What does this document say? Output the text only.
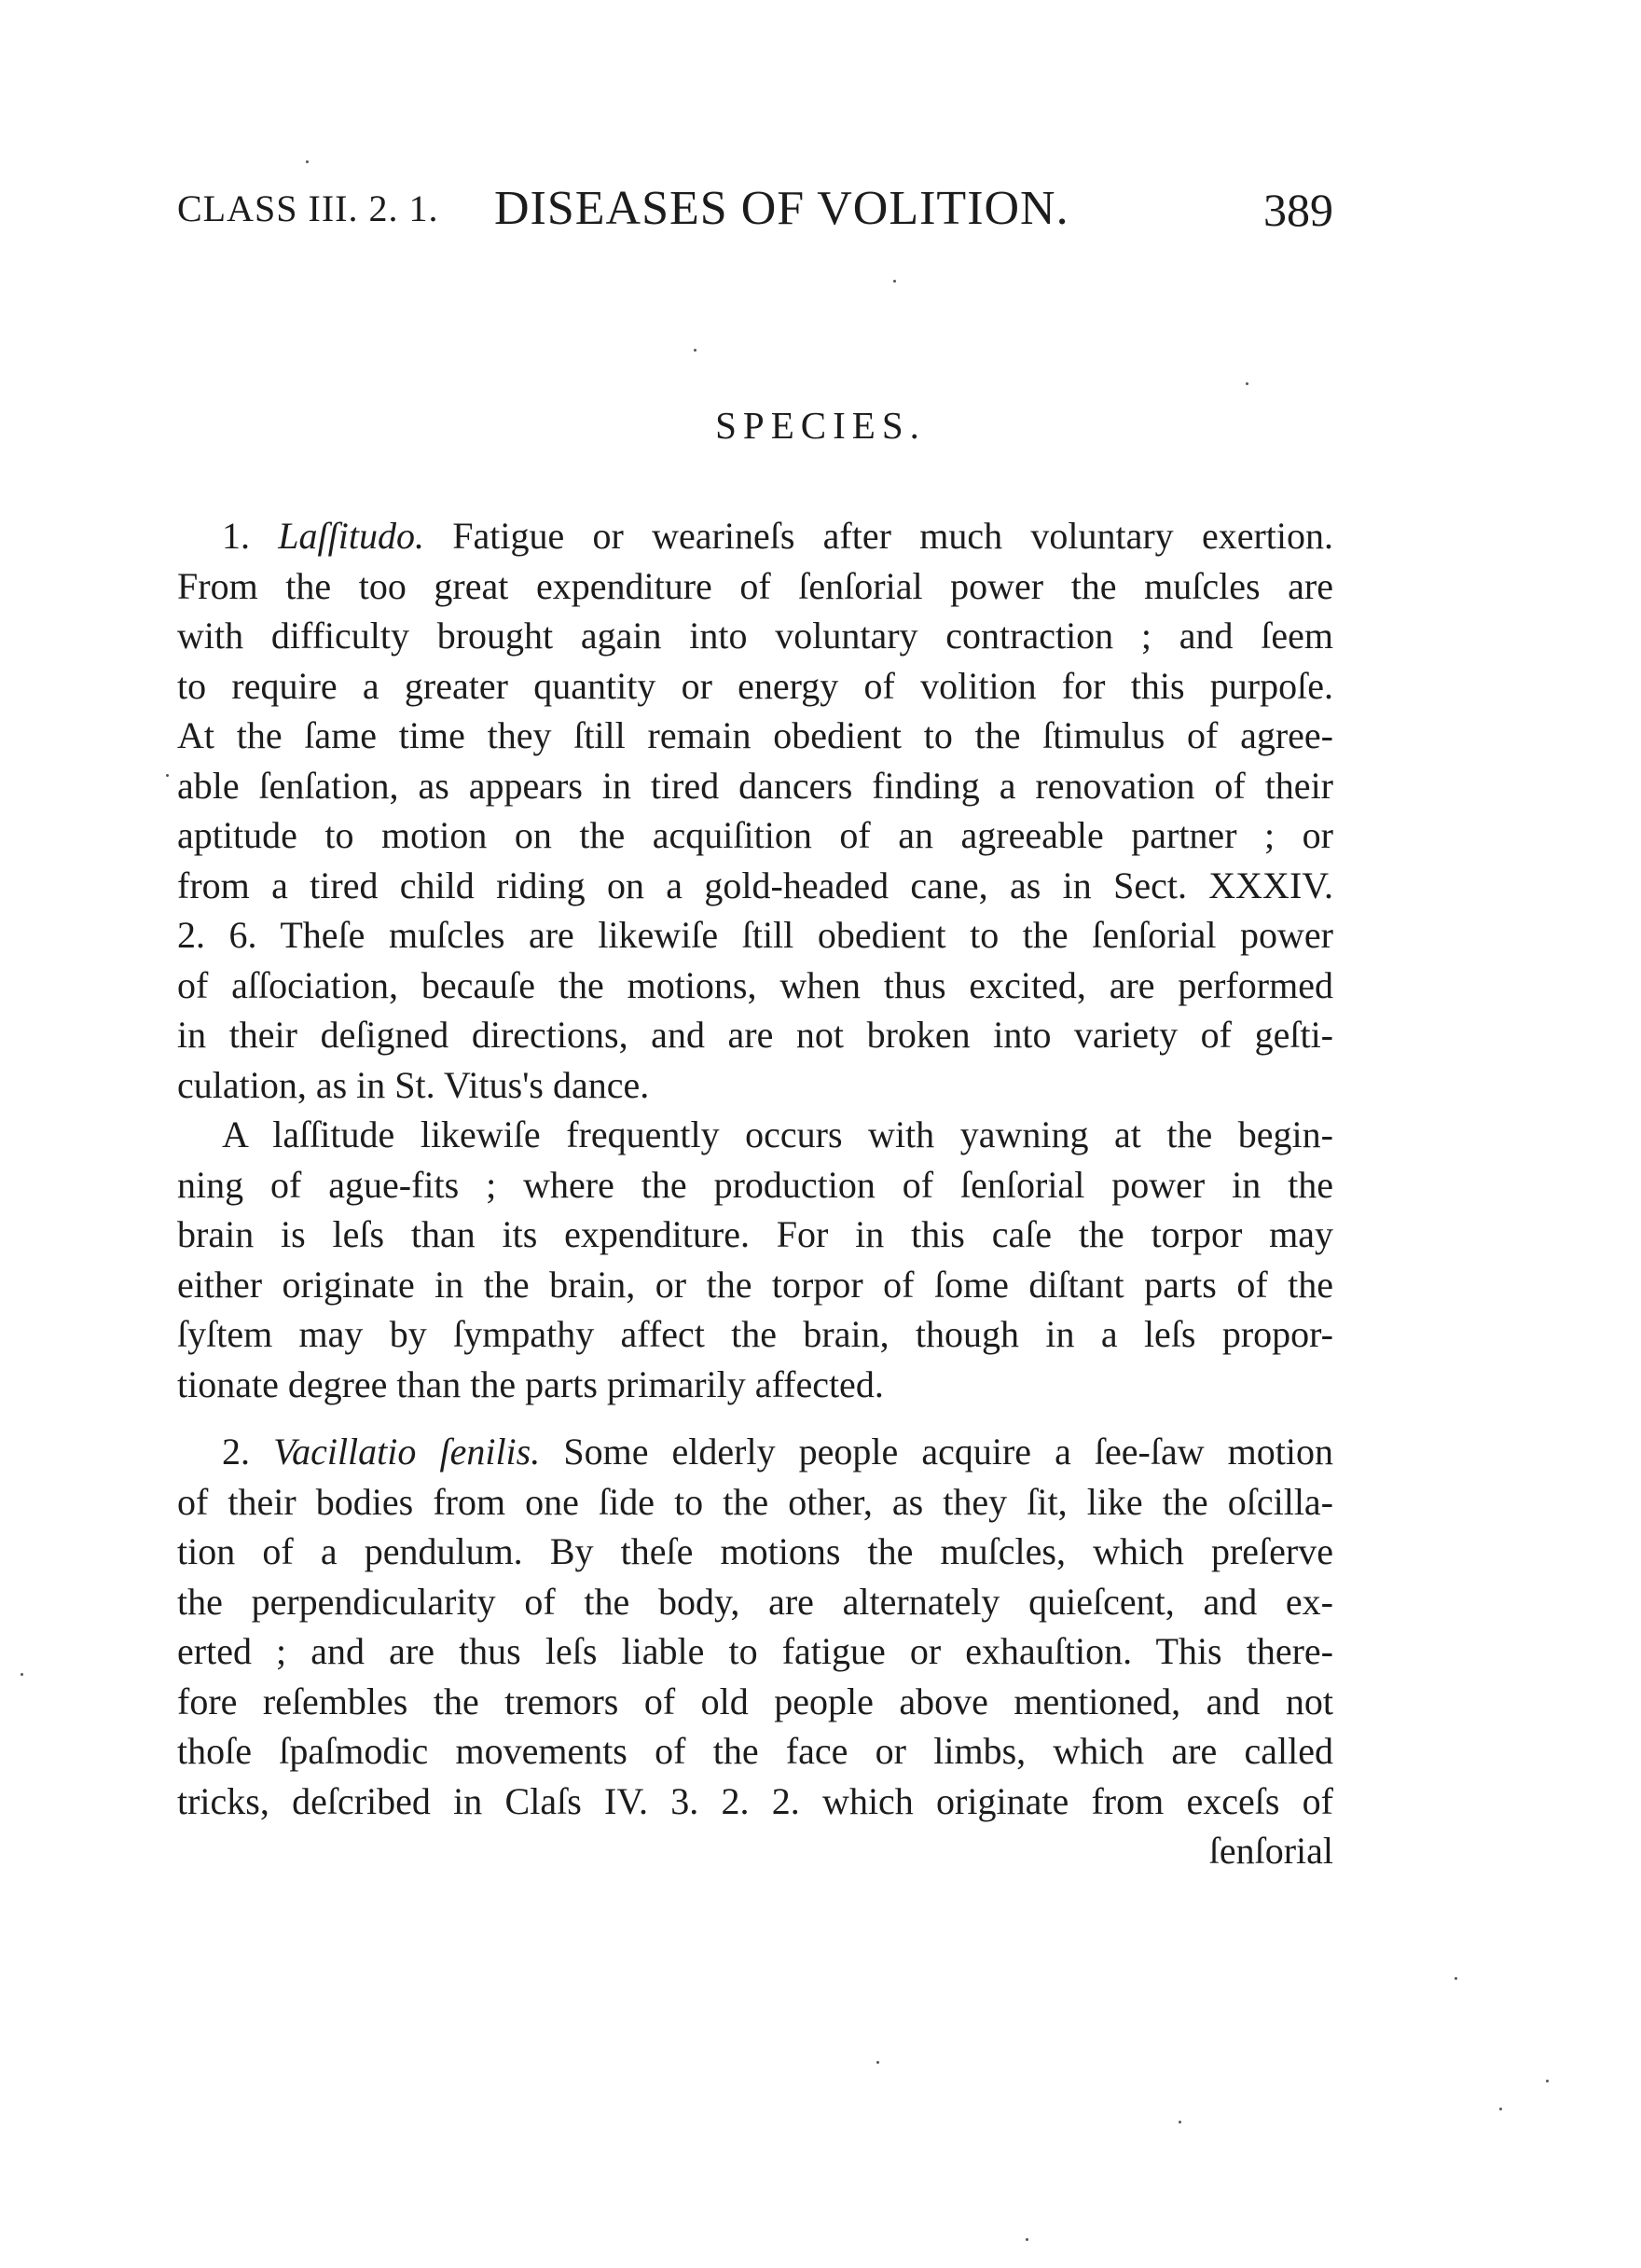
CLASS III. 2. 1. DISEASES OF VOLITION.	389
SPECIES.
1. Laſſitudo. Fatigue or wearineſs after much voluntary exertion.
From the too great expenditure of ſenſorial power the muſcles are
with difficulty brought again into voluntary contraction ; and ſeem
to require a greater quantity or energy of volition for this purpoſe.
At the ſame time they ſtill remain obedient to the ſtimulus of agree-
able ſenſation, as appears in tired dancers finding a renovation of their
aptitude to motion on the acquiſition of an agreeable partner ; or
from a tired child riding on a gold-headed cane, as in Sect. XXXIV.
2. 6. Theſe muſcles are likewiſe ſtill obedient to the ſenſorial power
of aſſociation, becauſe the motions, when thus excited, are performed
in their deſigned directions, and are not broken into variety of geſti-
culation, as in St. Vitus's dance.
A laſſitude likewiſe frequently occurs with yawning at the begin-
ning of ague-fits ; where the production of ſenſorial power in the
brain is leſs than its expenditure. For in this caſe the torpor may
either originate in the brain, or the torpor of ſome diſtant parts of the
ſyſtem may by ſympathy affect the brain, though in a leſs propor-
tionate degree than the parts primarily affected.
2. Vacillatio ſenilis. Some elderly people acquire a ſee-ſaw motion
of their bodies from one ſide to the other, as they ſit, like the oſcilla-
tion of a pendulum. By theſe motions the muſcles, which preſerve
the perpendicularity of the body, are alternately quieſcent, and ex-
erted ; and are thus leſs liable to fatigue or exhauſtion. This there-
fore reſembles the tremors of old people above mentioned, and not
thoſe ſpaſmodic movements of the face or limbs, which are called
tricks, deſcribed in Claſs IV. 3. 2. 2. which originate from exceſs of
ſenſorial
